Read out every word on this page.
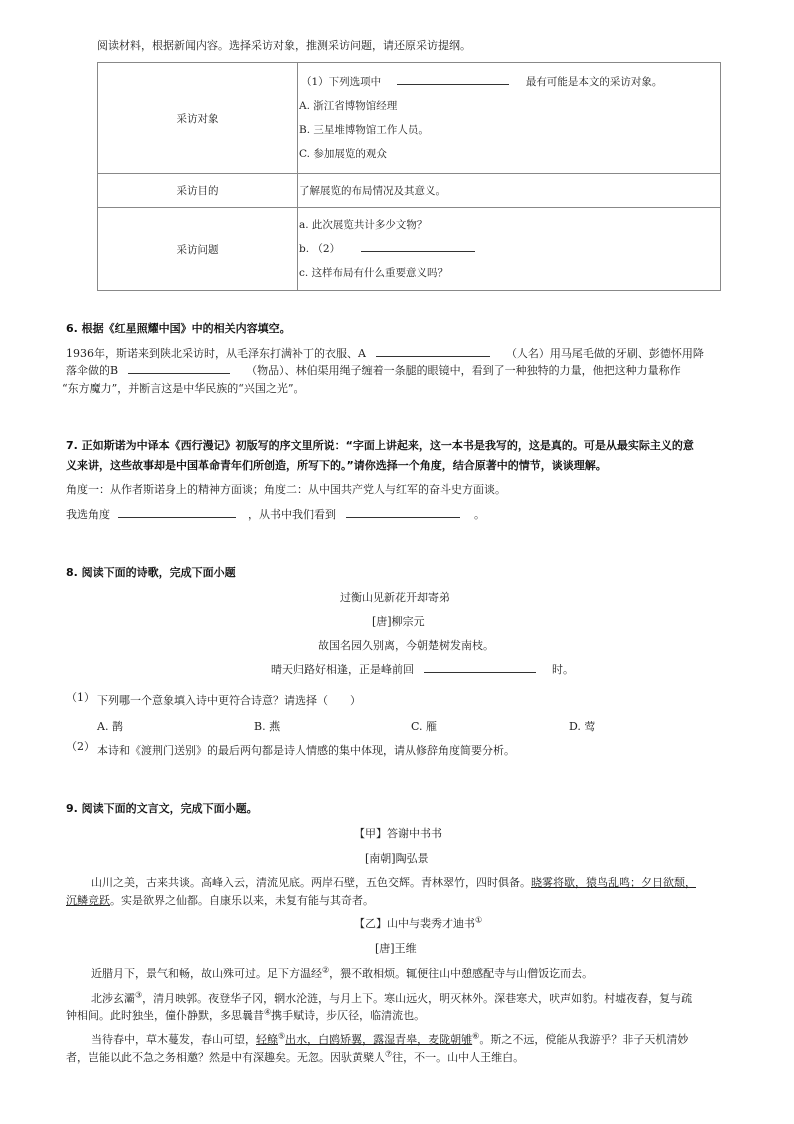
阅读材料，根据新闻内容。选择采访对象，推测采访问题，请还原采访提纲。
采访对象	（1）下列选项中 最有可能是本文的采访对象。
A. 浙江省博物馆经理
B. 三星堆博物馆工作人员。
C. 参加展览的观众

采访目的	了解展览的布局情况及其意义。
采访问题	a. 此次展览共计多少文物？
b. （2）
c. 这样布局有什么重要意义吗？
6. 根据《红星照耀中国》中的相关内容填空。
1936年，斯诺来到陕北采访时，从毛泽东打满补丁的衣服、A	（人名）用马尾毛做的牙刷、彭德怀用降
落伞做的B	（物品）、林伯渠用绳子缠着一条腿的眼镜中，看到了一种独特的力量，他把这种力量称作
“东方魔力”，并断言这是中华民族的“兴国之光”。
7. 正如斯诺为中译本《西行漫记》初版写的序文里所说：“字面上讲起来，这一本书是我写的，这是真的。可是从最实际主义的意
义来讲，这些故事却是中国革命青年们所创造，所写下的。”请你选择一个角度，结合原著中的情节，谈谈理解。
角度一：从作者斯诺身上的精神方面谈；角度二：从中国共产党人与红军的奋斗史方面谈。
我选角度	，从书中我们看到	。
8. 阅读下面的诗歌，完成下面小题
过衡山见新花开却寄弟
[唐]柳宗元
故国名园久别离，今朝楚树发南枝。
晴天归路好相逢，正是峰前回	时。
（1） 下列哪一个意象填入诗中更符合诗意？请选择（　　）
A. 鹊	B. 燕	C. 雁	D. 莺
（2） 本诗和《渡荆门送别》的最后两句都是诗人情感的集中体现，请从修辞角度简要分析。
9. 阅读下面的文言文，完成下面小题。
【甲】答谢中书书
[南朝]陶弘景
山川之美，古来共谈。高峰入云，清流见底。两岸石壁，五色交辉。青林翠竹，四时俱备。晓雾将歇，猿鸟乱鸣；夕日欲颓，
沉鳞竞跃。实是欲界之仙都。自康乐以来，未复有能与其奇者。
【乙】山中与裴秀才迪书①
[唐]王维
近腊月下，景气和畅，故山殊可过。足下方温经②，猥不敢相烦。辄便往山中憩感配寺与山僧饭讫而去。
北涉玄灞③，清月映郭。夜登华子冈，辋水沦涟，与月上下。寒山远火，明灭林外。深巷寒犬，吠声如豹。村墟夜舂，复与疏
钟相间。此时独坐，僮仆静默，多思曩昔④携手赋诗，步仄径，临清流也。
当待春中，草木蔓发，春山可望，轻鲦⑤出水，白鸥矫翼，露湿青皋，麦陇朝雊⑥。斯之不远，傥能从我游乎？非子天机清妙
者，岂能以此不急之务相邀？然是中有深趣矣。无忽。因驮黄檗人⑦往，不一。山中人王维白。
